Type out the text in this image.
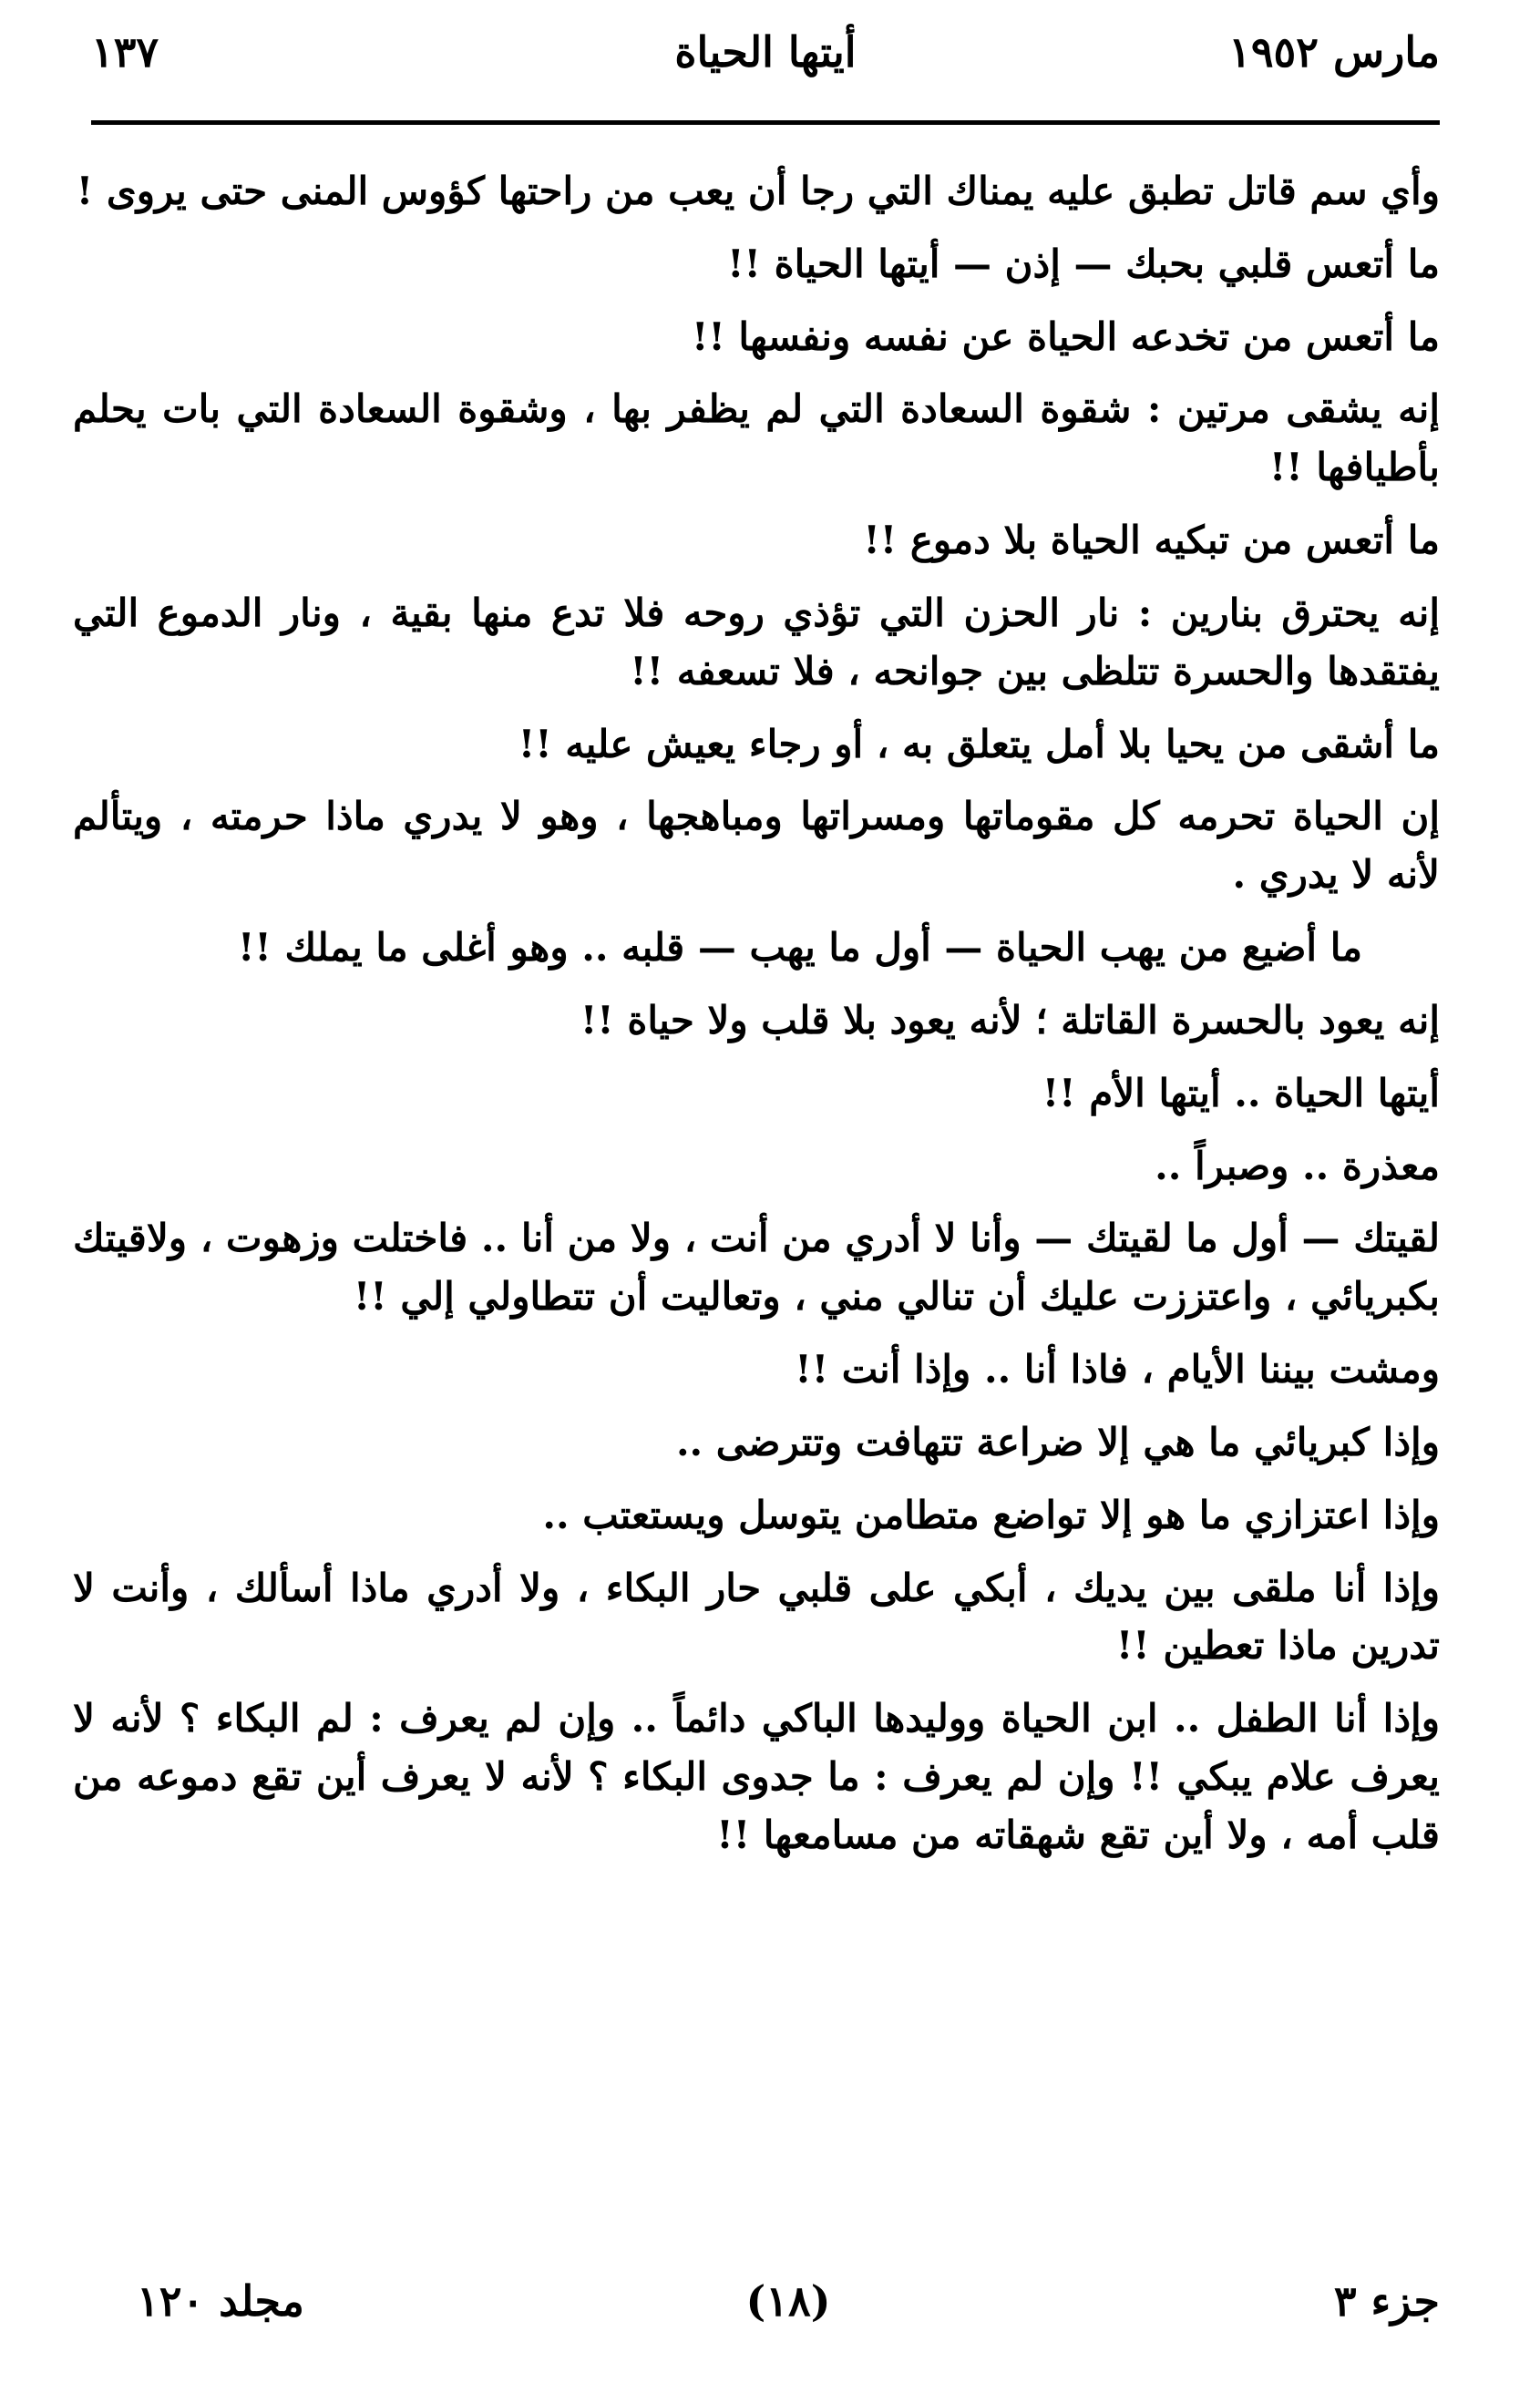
مارس ١٩٥٢
أيتها الحياة
١٣٧

وأي سم قاتل تطبق عليه يمناك التي رجا أن يعب من راحتها كؤوس المنى حتى يروى !

ما أتعس قلبي بحبك — إذن — أيتها الحياة !!

ما أتعس من تخدعه الحياة عن نفسه ونفسها !!

إنه يشقى مرتين : شقوة السعادة التي لم يظفر بها ، وشقوة السعادة التي بات يحلم بأطيافها !!

ما أتعس من تبكيه الحياة بلا دموع !!

إنه يحترق بنارين : نار الحزن التي تؤذي روحه فلا تدع منها بقية ، ونار الدموع التي يفتقدها والحسرة تتلظى بين جوانحه ، فلا تسعفه !!

ما أشقى من يحيا بلا أمل يتعلق به ، أو رجاء يعيش عليه !!

إن الحياة تحرمه كل مقوماتها ومسراتها ومباهجها ، وهو لا يدري ماذا حرمته ، ويتألم لأنه لا يدري .

ما أضيع من يهب الحياة — أول ما يهب — قلبه .. وهو أغلى ما يملك !!

إنه يعود بالحسرة القاتلة ؛ لأنه يعود بلا قلب ولا حياة !!

أيتها الحياة .. أيتها الأم !!

معذرة .. وصبراً ..

لقيتك — أول ما لقيتك — وأنا لا أدري من أنت ، ولا من أنا .. فاختلت وزهوت ، ولاقيتك بكبريائي ، واعتززت عليك أن تنالي مني ، وتعاليت أن تتطاولي إلي !!

ومشت بيننا الأيام ، فاذا أنا .. وإذا أنت !!

وإذا كبريائي ما هي إلا ضراعة تتهافت وتترضى ..

وإذا اعتزازي ما هو إلا تواضع متطامن يتوسل ويستعتب ..

وإذا أنا ملقى بين يديك ، أبكي على قلبي حار البكاء ، ولا أدري ماذا أسألك ، وأنت لا تدرين ماذا تعطين !!

وإذا أنا الطفل .. ابن الحياة ووليدها الباكي دائماً .. وإن لم يعرف : لم البكاء ؟ لأنه لا يعرف علام يبكي !! وإن لم يعرف : ما جدوى البكاء ؟ لأنه لا يعرف أين تقع دموعه من قلب أمه ، ولا أين تقع شهقاته من مسامعها !!

جزء ٣
(١٨)
مجلد ١٢٠
